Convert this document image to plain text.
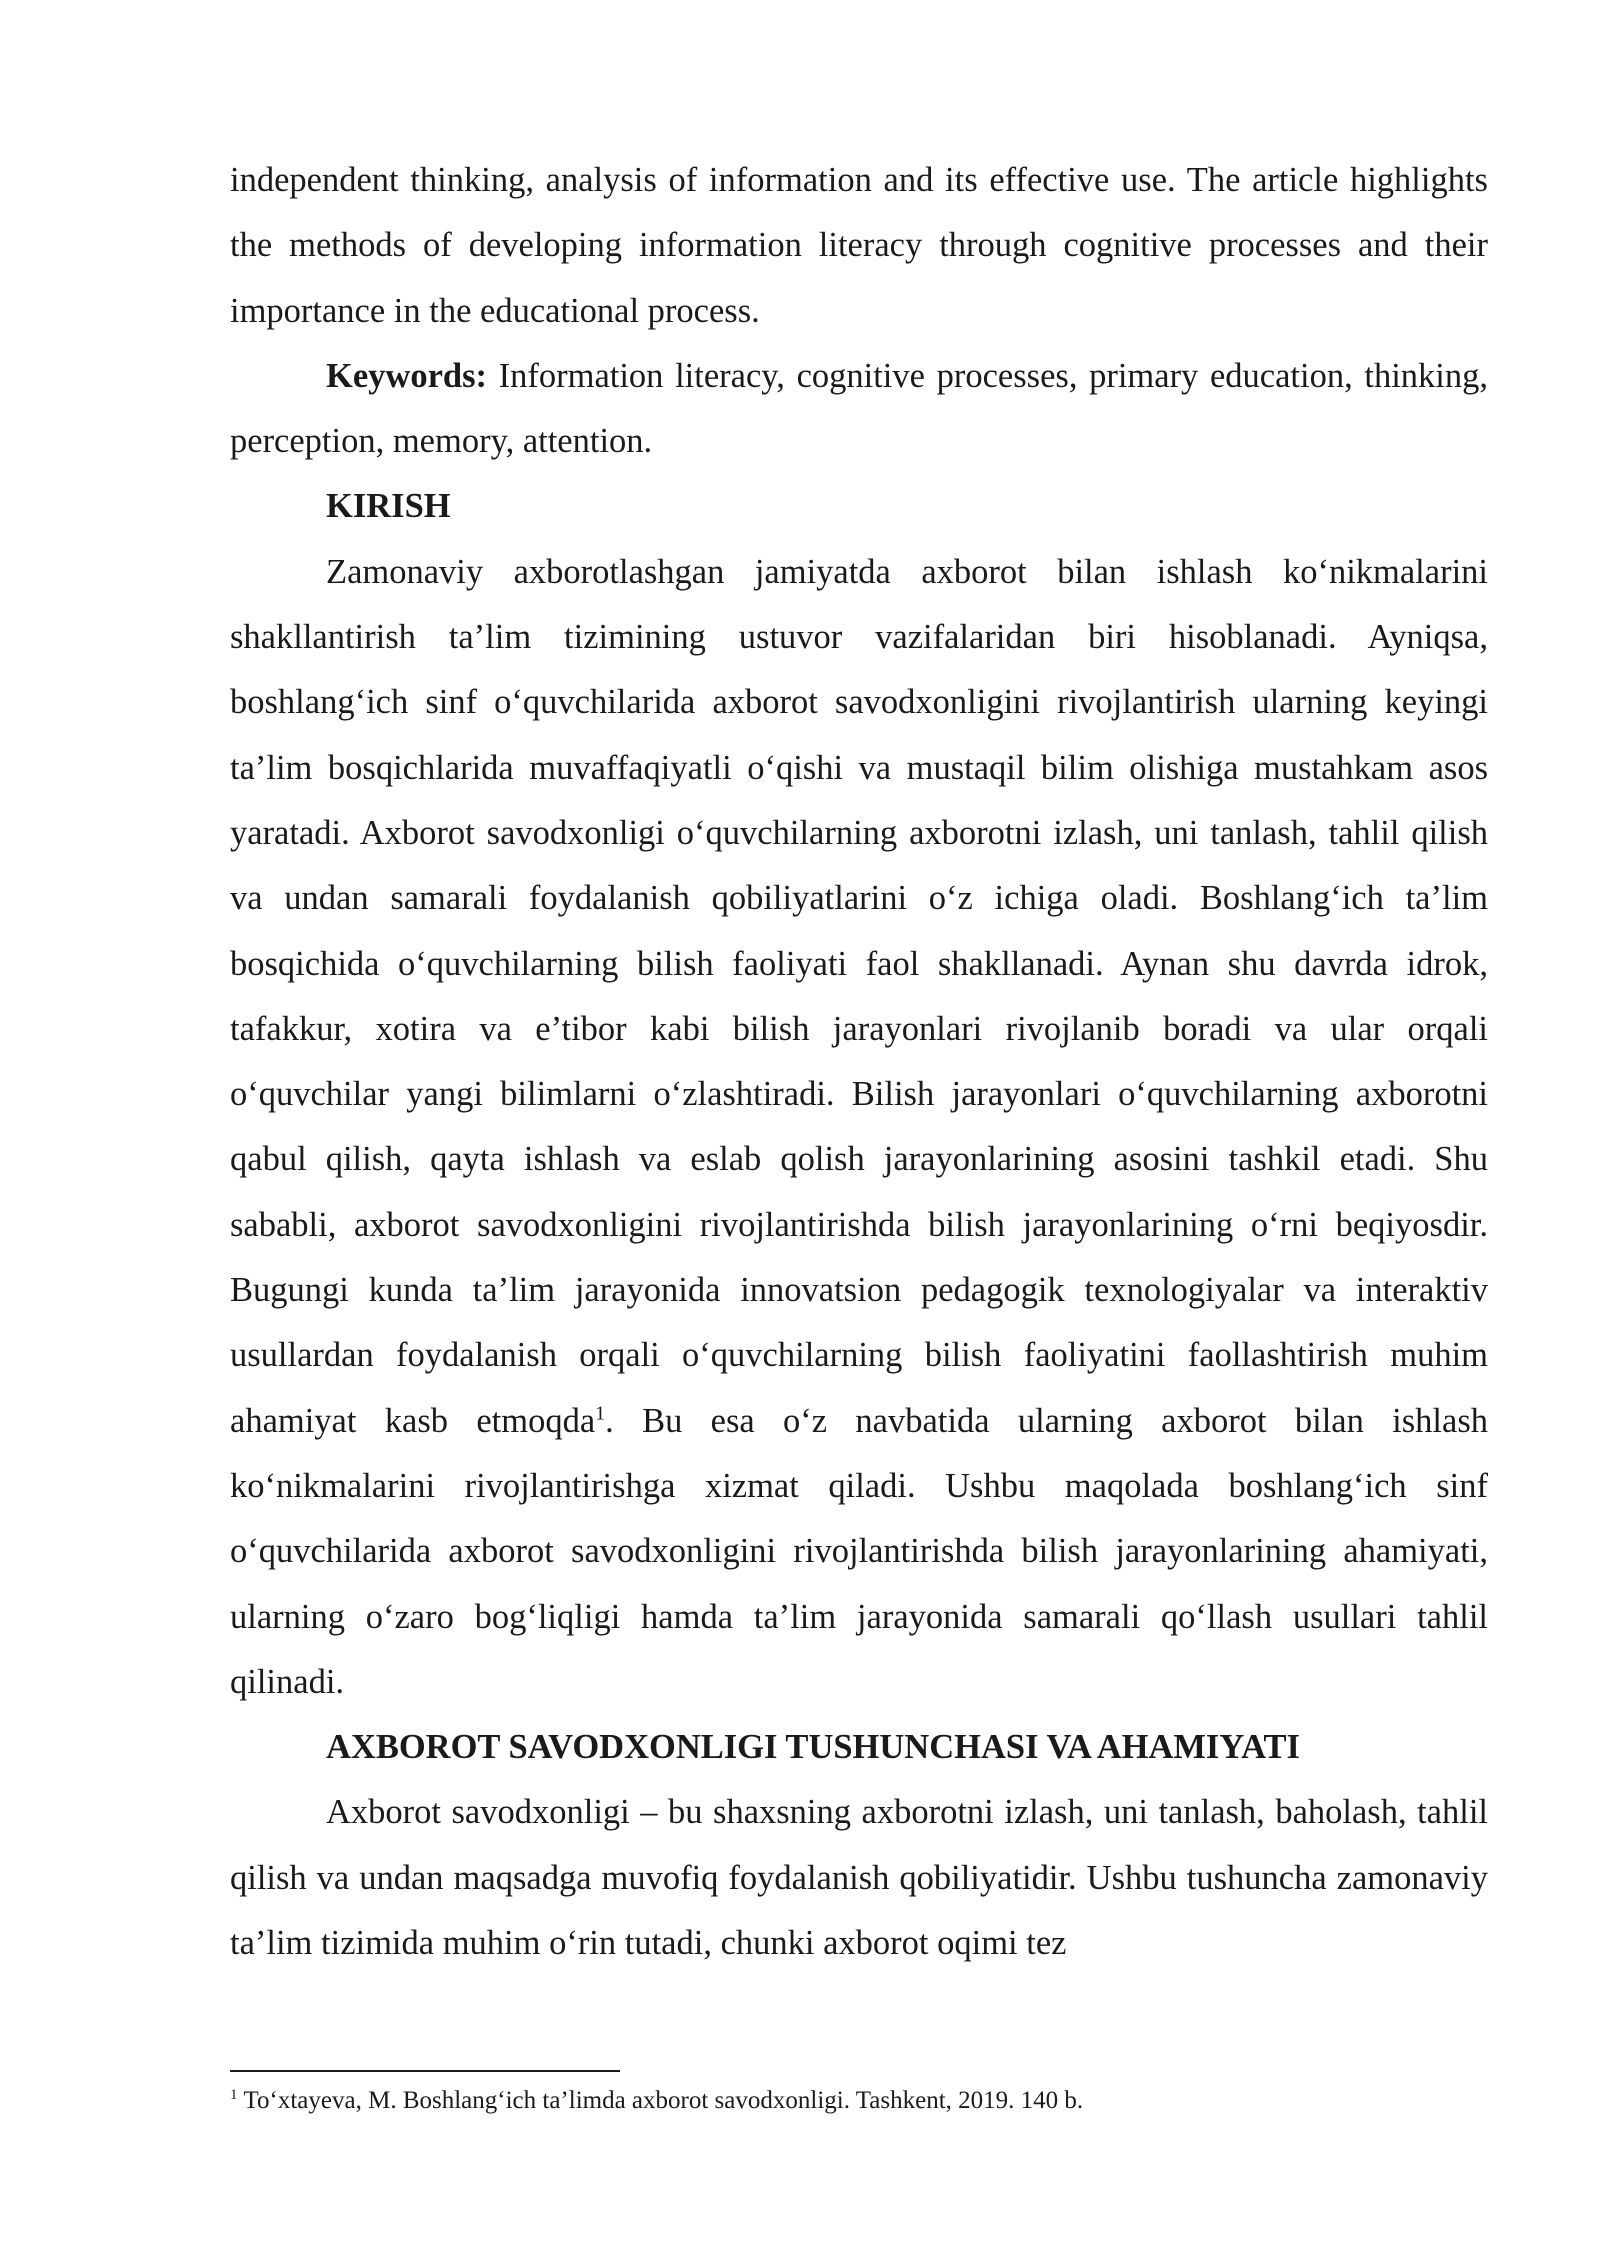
independent thinking, analysis of information and its effective use. The article highlights the methods of developing information literacy through cognitive processes and their importance in the educational process.

Keywords: Information literacy, cognitive processes, primary education, thinking, perception, memory, attention.

KIRISH

Zamonaviy axborotlashgan jamiyatda axborot bilan ishlash ko‘nikmalarini shakllantirish ta’lim tizimining ustuvor vazifalaridan biri hisoblanadi. Ayniqsa, boshlang‘ich sinf o‘quvchilarida axborot savodxonligini rivojlantirish ularning keyingi ta’lim bosqichlarida muvaffaqiyatli o‘qishi va mustaqil bilim olishiga mustahkam asos yaratadi. Axborot savodxonligi o‘quvchilarning axborotni izlash, uni tanlash, tahlil qilish va undan samarali foydalanish qobiliyatlarini o‘z ichiga oladi. Boshlang‘ich ta’lim bosqichida o‘quvchilarning bilish faoliyati faol shakllanadi. Aynan shu davrda idrok, tafakkur, xotira va e’tibor kabi bilish jarayonlari rivojlanib boradi va ular orqali o‘quvchilar yangi bilimlarni o‘zlashtiradi. Bilish jarayonlari o‘quvchilarning axborotni qabul qilish, qayta ishlash va eslab qolish jarayonlarining asosini tashkil etadi. Shu sababli, axborot savodxonligini rivojlantirishda bilish jarayonlarining o‘rni beqiyosdir. Bugungi kunda ta’lim jarayonida innovatsion pedagogik texnologiyalar va interaktiv usullardan foydalanish orqali o‘quvchilarning bilish faoliyatini faollashtirish muhim ahamiyat kasb etmoqda$^1$. Bu esa o‘z navbatida ularning axborot bilan ishlash ko‘nikmalarini rivojlantirishga xizmat qiladi. Ushbu maqolada boshlang‘ich sinf o‘quvchilarida axborot savodxonligini rivojlantirishda bilish jarayonlarining ahamiyati, ularning o‘zaro bog‘liqligi hamda ta’lim jarayonida samarali qo‘llash usullari tahlil qilinadi.

AXBOROT SAVODXONLIGI TUSHUNCHASI VA AHAMIYATI

Axborot savodxonligi – bu shaxsning axborotni izlash, uni tanlash, baholash, tahlil qilish va undan maqsadga muvofiq foydalanish qobiliyatidir. Ushbu tushuncha zamonaviy ta’lim tizimida muhim o‘rin tutadi, chunki axborot oqimi tez

$^1$ To‘xtayeva, M. Boshlang‘ich ta’limda axborot savodxonligi. Tashkent, 2019. 140 b.
